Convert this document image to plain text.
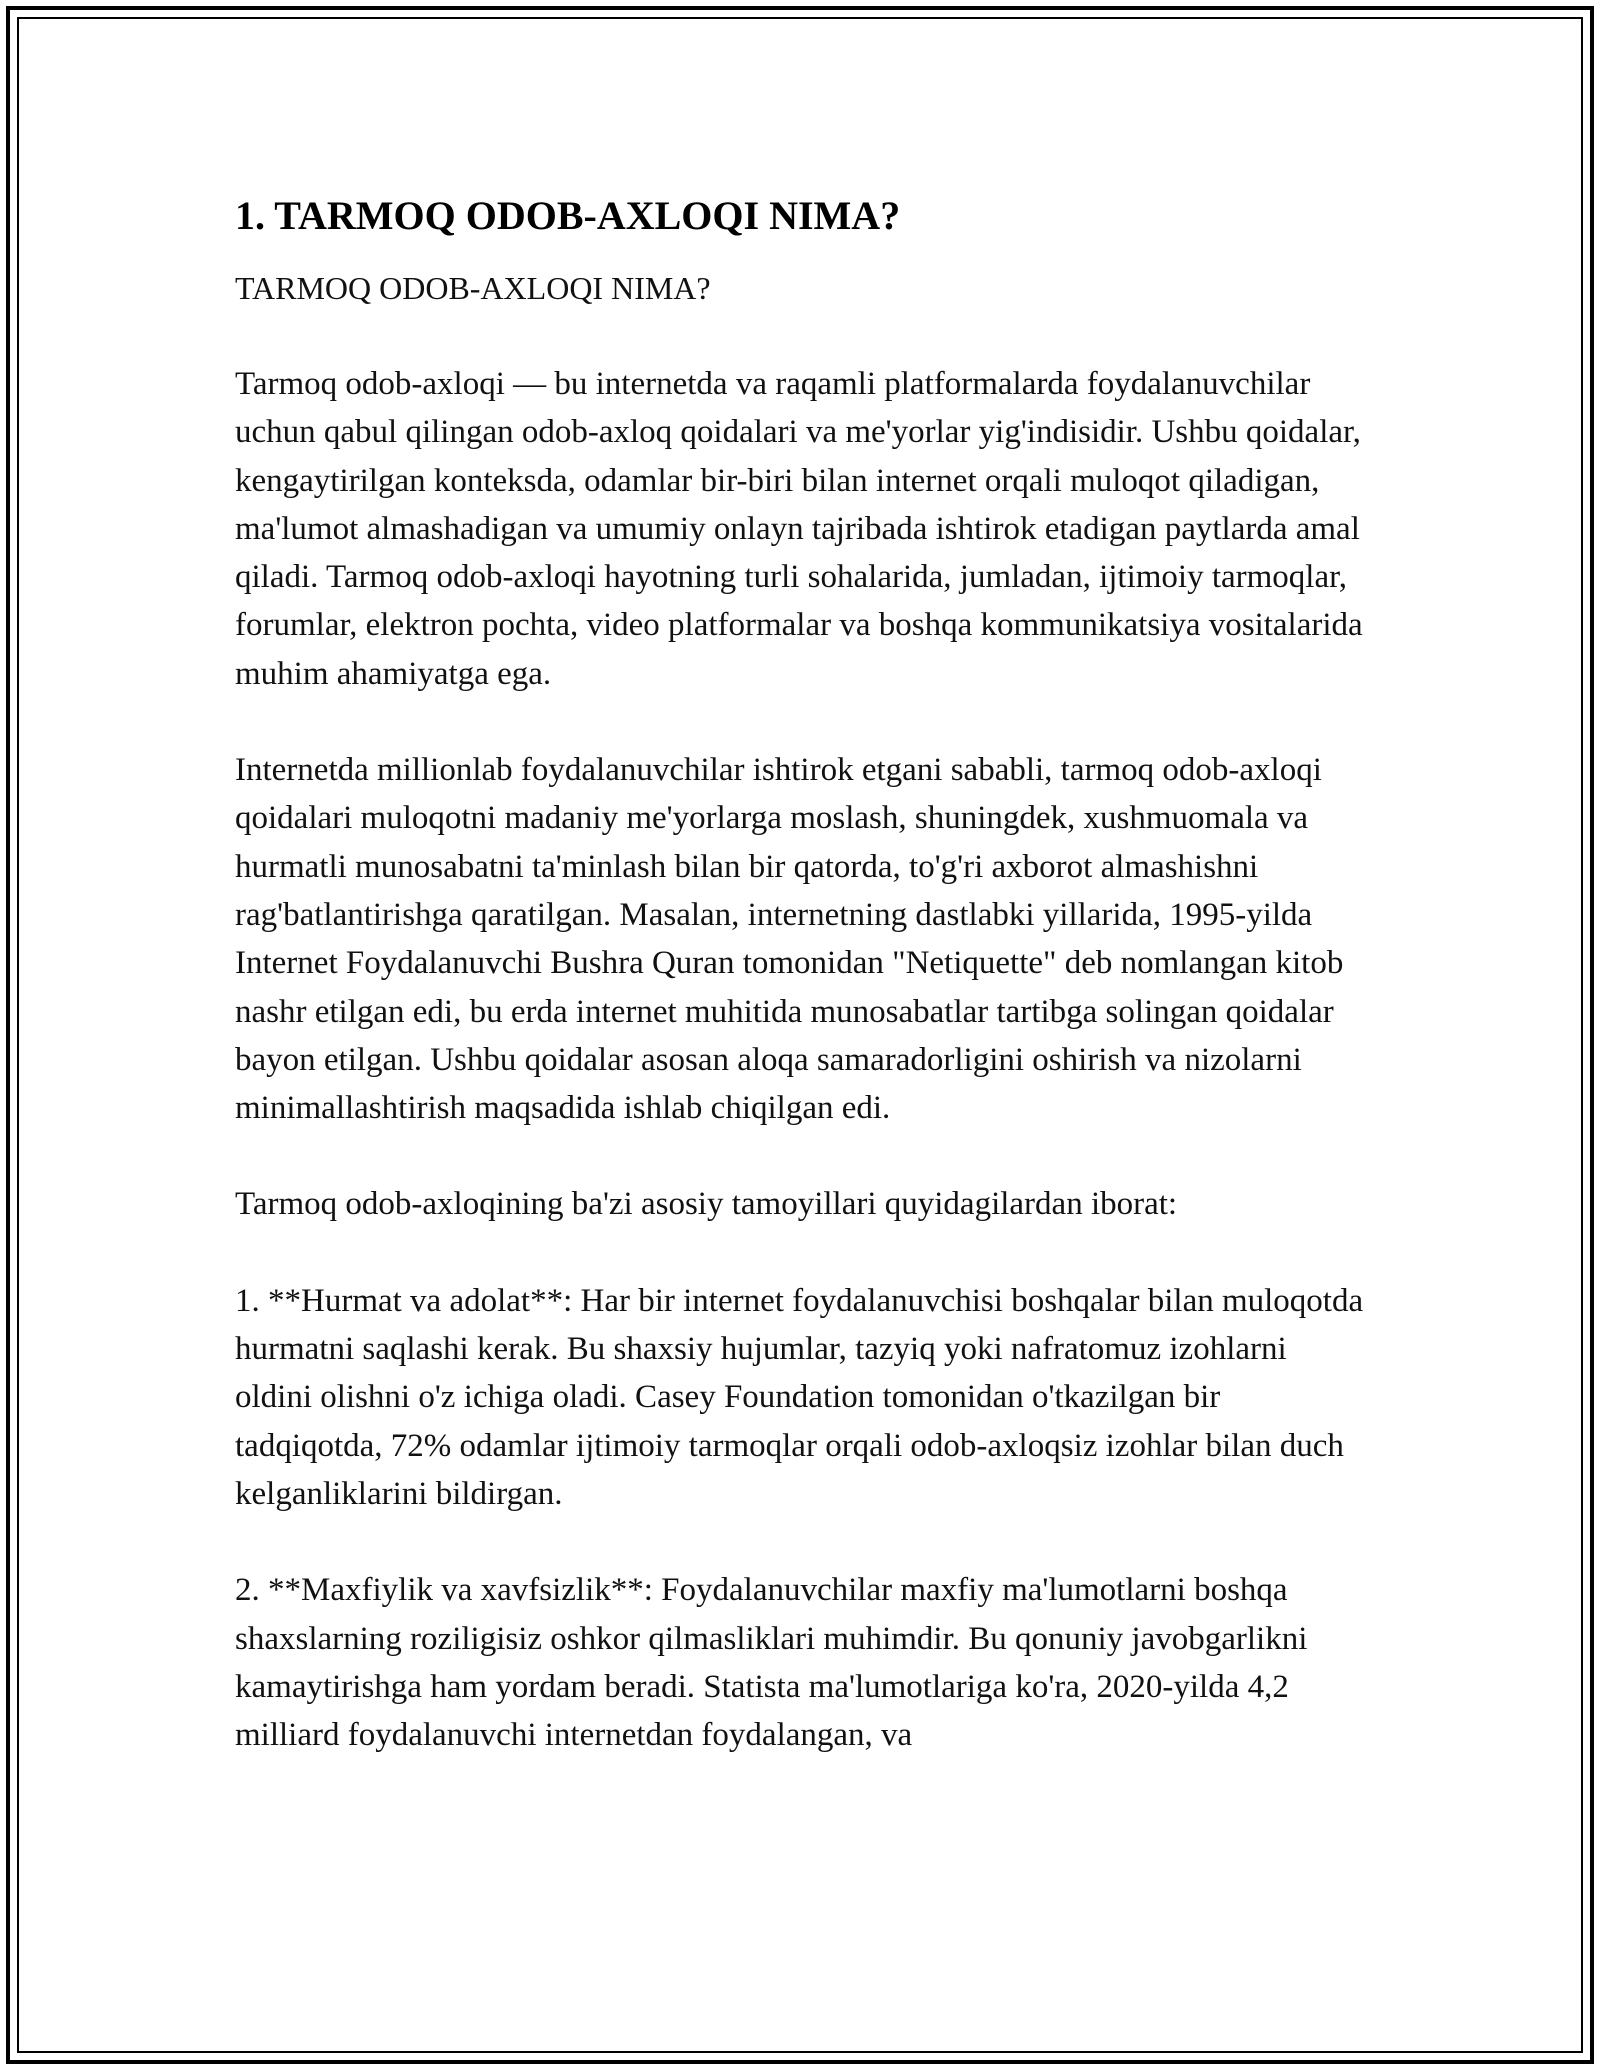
1. TARMOQ ODOB-AXLOQI NIMA?
TARMOQ ODOB-AXLOQI NIMA?

Tarmoq odob-axloqi — bu internetda va raqamli platformalarda foydalanuvchilar uchun qabul qilingan odob-axloq qoidalari va me'yorlar yig'indisidir. Ushbu qoidalar, kengaytirilgan konteksda, odamlar bir-biri bilan internet orqali muloqot qiladigan, ma'lumot almashadigan va umumiy onlayn tajribada ishtirok etadigan paytlarda amal qiladi. Tarmoq odob-axloqi hayotning turli sohalarida, jumladan, ijtimoiy tarmoqlar, forumlar, elektron pochta, video platformalar va boshqa kommunikatsiya vositalarida muhim ahamiyatga ega.

Internetda millionlab foydalanuvchilar ishtirok etgani sababli, tarmoq odob-axloqi qoidalari muloqotni madaniy me'yorlarga moslash, shuningdek, xushmuomala va hurmatli munosabatni ta'minlash bilan bir qatorda, to'g'ri axborot almashishni rag'batlantirishga qaratilgan. Masalan, internetning dastlabki yillarida, 1995-yilda Internet Foydalanuvchi Bushra Quran tomonidan "Netiquette" deb nomlangan kitob nashr etilgan edi, bu erda internet muhitida munosabatlar tartibga solingan qoidalar bayon etilgan. Ushbu qoidalar asosan aloqa samaradorligini oshirish va nizolarni minimallashtirish maqsadida ishlab chiqilgan edi.

Tarmoq odob-axloqining ba'zi asosiy tamoyillari quyidagilardan iborat:

1. **Hurmat va adolat**: Har bir internet foydalanuvchisi boshqalar bilan muloqotda hurmatni saqlashi kerak. Bu shaxsiy hujumlar, tazyiq yoki nafratomuz izohlarni oldini olishni o'z ichiga oladi. Casey Foundation tomonidan o'tkazilgan bir tadqiqotda, 72% odamlar ijtimoiy tarmoqlar orqali odob-axloqsiz izohlar bilan duch kelganliklarini bildirgan.

2. **Maxfiylik va xavfsizlik**: Foydalanuvchilar maxfiy ma'lumotlarni boshqa shaxslarning roziligisiz oshkor qilmasliklari muhimdir. Bu qonuniy javobgarlikni kamaytirishga ham yordam beradi. Statista ma'lumotlariga ko'ra, 2020-yilda 4,2 milliard foydalanuvchi internetdan foydalangan, va
